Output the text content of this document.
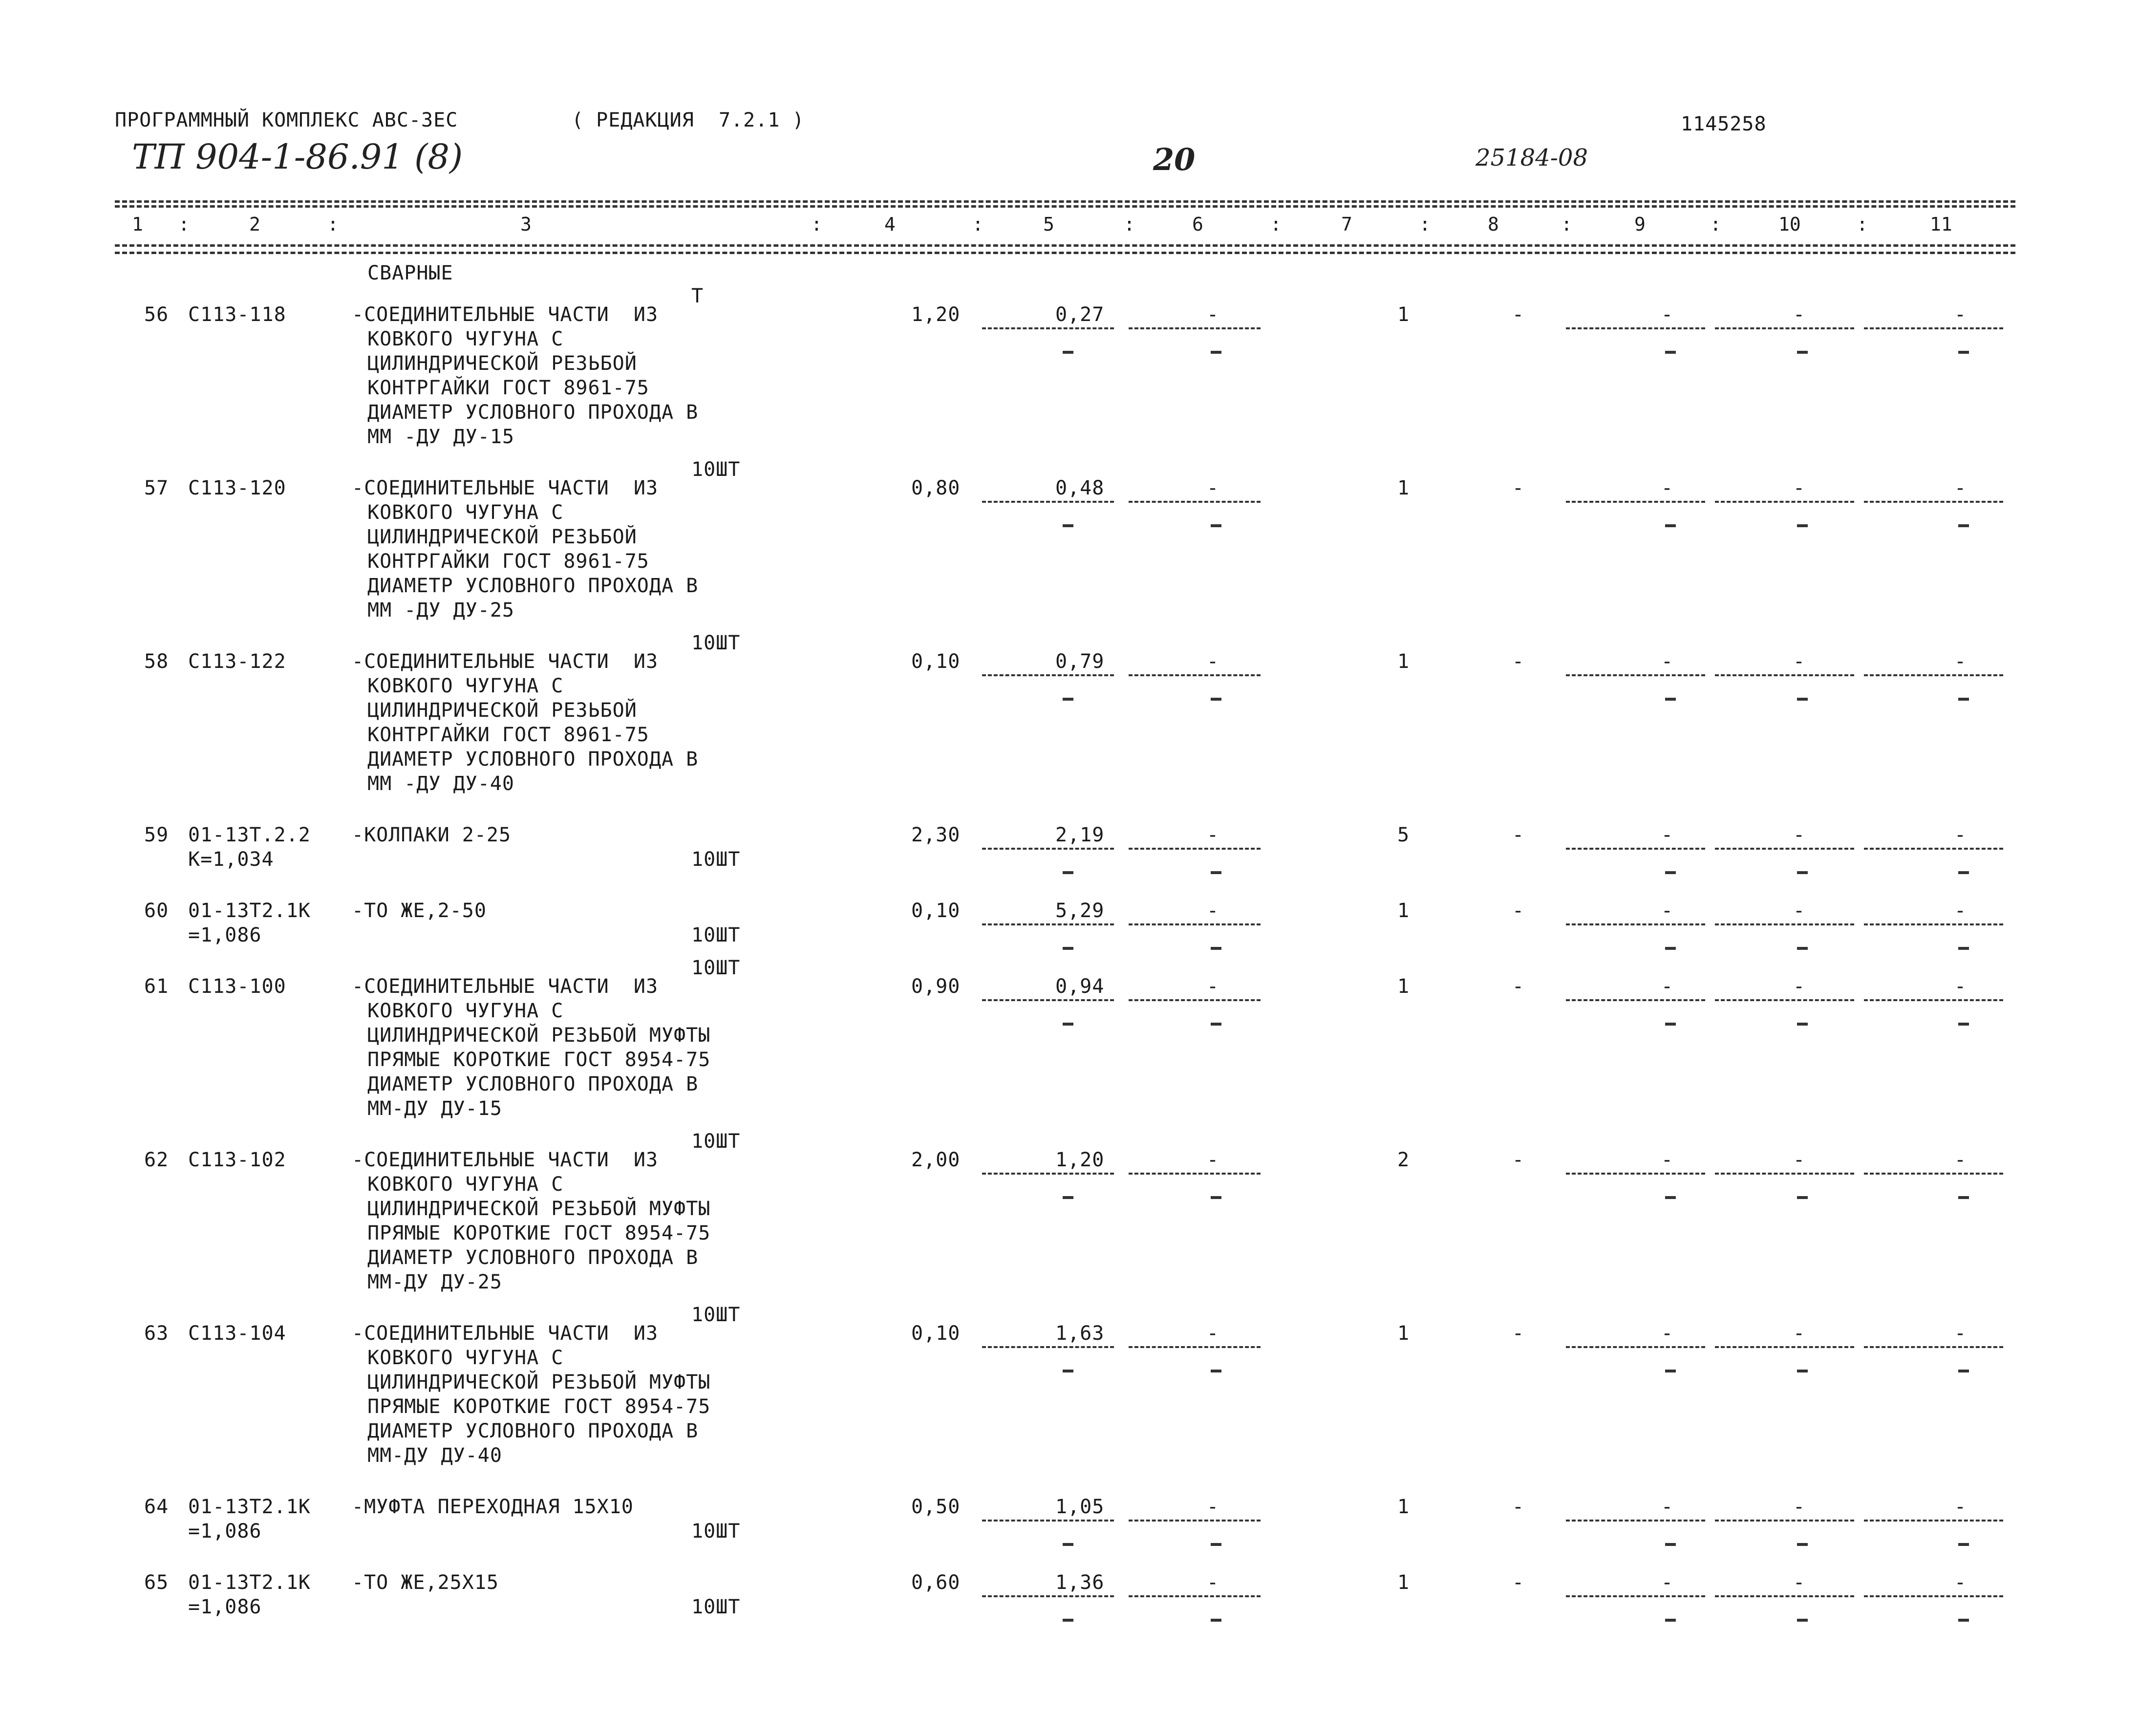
ПРОГРАММНЫЙ КОМПЛЕКС АВС-3ЕС	( РЕДАКЦИЯ  7.2.1 )	1145258
ТП 904-1-86.91 (8)	20	25184-08
1	2	3	4	5	6	7	8	9	10	11
:	:	:	:	:	:	:	:	:	:
СВАРНЫЕ
56 С113-118	-СОЕДИНИТЕЛЬНЫЕ ЧАСТИ  ИЗ
КОВКОГО ЧУГУНА С
ЦИЛИНДРИЧЕСКОЙ РЕЗЬБОЙ
КОНТРГАЙКИ ГОСТ 8961-75
ДИАМЕТР УСЛОВНОГО ПРОХОДА В
ММ -ДУ ДУ-15
Т
1,20	0,27	-	1	-	-	-	-
57 С113-120	-СОЕДИНИТЕЛЬНЫЕ ЧАСТИ  ИЗ
КОВКОГО ЧУГУНА С
ЦИЛИНДРИЧЕСКОЙ РЕЗЬБОЙ
КОНТРГАЙКИ ГОСТ 8961-75
ДИАМЕТР УСЛОВНОГО ПРОХОДА В
ММ -ДУ ДУ-25
10ШТ
0,80	0,48	-	1	-	-	-	-
58 С113-122	-СОЕДИНИТЕЛЬНЫЕ ЧАСТИ  ИЗ
КОВКОГО ЧУГУНА С
ЦИЛИНДРИЧЕСКОЙ РЕЗЬБОЙ
КОНТРГАЙКИ ГОСТ 8961-75
ДИАМЕТР УСЛОВНОГО ПРОХОДА В
ММ -ДУ ДУ-40
10ШТ
0,10	0,79	-	1	-	-	-	-
59 01-13Т.2.2
К=1,034
-КОЛПАКИ 2-25
10ШТ
2,30	2,19	-	5	-	-	-	-
60 01-13Т2.1К
=1,086
-ТО ЖЕ,2-50
10ШТ
0,10	5,29	-	1	-	-	-	-
61 С113-100	-СОЕДИНИТЕЛЬНЫЕ ЧАСТИ  ИЗ
КОВКОГО ЧУГУНА С
ЦИЛИНДРИЧЕСКОЙ РЕЗЬБОЙ МУФТЫ
ПРЯМЫЕ КОРОТКИЕ ГОСТ 8954-75
ДИАМЕТР УСЛОВНОГО ПРОХОДА В
ММ-ДУ ДУ-15
10ШТ
0,90	0,94	-	1	-	-	-	-
62 С113-102	-СОЕДИНИТЕЛЬНЫЕ ЧАСТИ  ИЗ
КОВКОГО ЧУГУНА С
ЦИЛИНДРИЧЕСКОЙ РЕЗЬБОЙ МУФТЫ
ПРЯМЫЕ КОРОТКИЕ ГОСТ 8954-75
ДИАМЕТР УСЛОВНОГО ПРОХОДА В
ММ-ДУ ДУ-25
10ШТ
2,00	1,20	-	2	-	-	-	-
63 С113-104	-СОЕДИНИТЕЛЬНЫЕ ЧАСТИ  ИЗ
КОВКОГО ЧУГУНА С
ЦИЛИНДРИЧЕСКОЙ РЕЗЬБОЙ МУФТЫ
ПРЯМЫЕ КОРОТКИЕ ГОСТ 8954-75
ДИАМЕТР УСЛОВНОГО ПРОХОДА В
ММ-ДУ ДУ-40
10ШТ
0,10	1,63	-	1	-	-	-	-
64 01-13Т2.1К
=1,086
-МУФТА ПЕРЕХОДНАЯ 15Х10
10ШТ
0,50	1,05	-	1	-	-	-	-
65 01-13Т2.1К
=1,086
-ТО ЖЕ,25Х15
10ШТ
0,60	1,36	-	1	-	-	-	-
